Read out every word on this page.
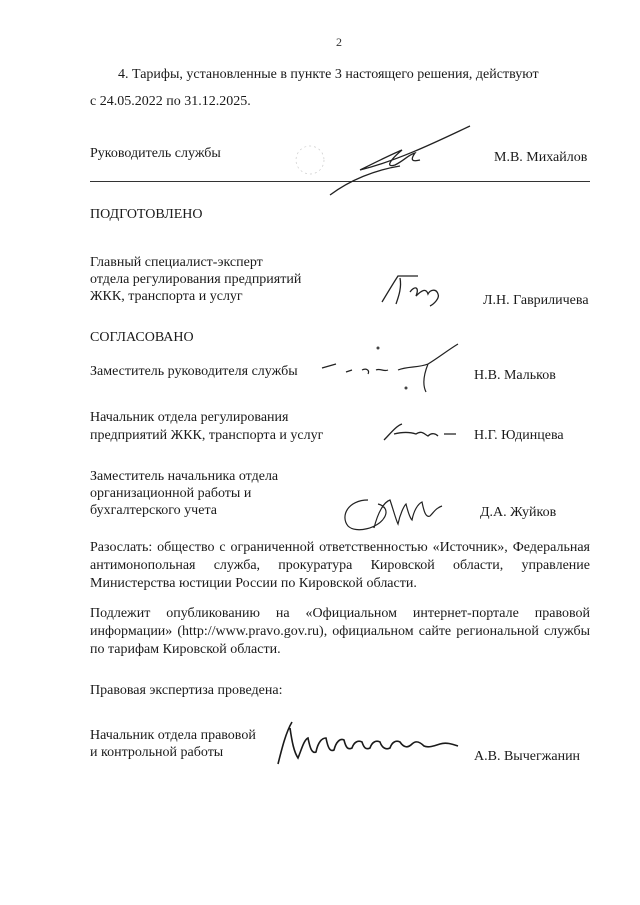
2
4. Тарифы, установленные в пункте 3 настоящего решения, действуют
с 24.05.2022 по 31.12.2025.
Руководитель службы	М.В. Михайлов
ПОДГОТОВЛЕНО
Главный специалист-эксперт
отдела регулирования предприятий
ЖКК, транспорта и услуг	Л.Н. Гавриличева
СОГЛАСОВАНО
Заместитель руководителя службы	Н.В. Мальков
Начальник отдела регулирования
предприятий ЖКК, транспорта и услуг	Н.Г. Юдинцева
Заместитель начальника отдела
организационной работы и
бухгалтерского учета	Д.А. Жуйков
Разослать: общество с ограниченной ответственностью «Источник», Федеральная антимонопольная служба, прокуратура Кировской области, управление Министерства юстиции России по Кировской области.
Подлежит опубликованию на «Официальном интернет-портале правовой информации» (http://www.pravo.gov.ru), официальном сайте региональной службы по тарифам Кировской области.
Правовая экспертиза проведена:
Начальник отдела правовой
и контрольной работы	А.В. Вычегжанин
